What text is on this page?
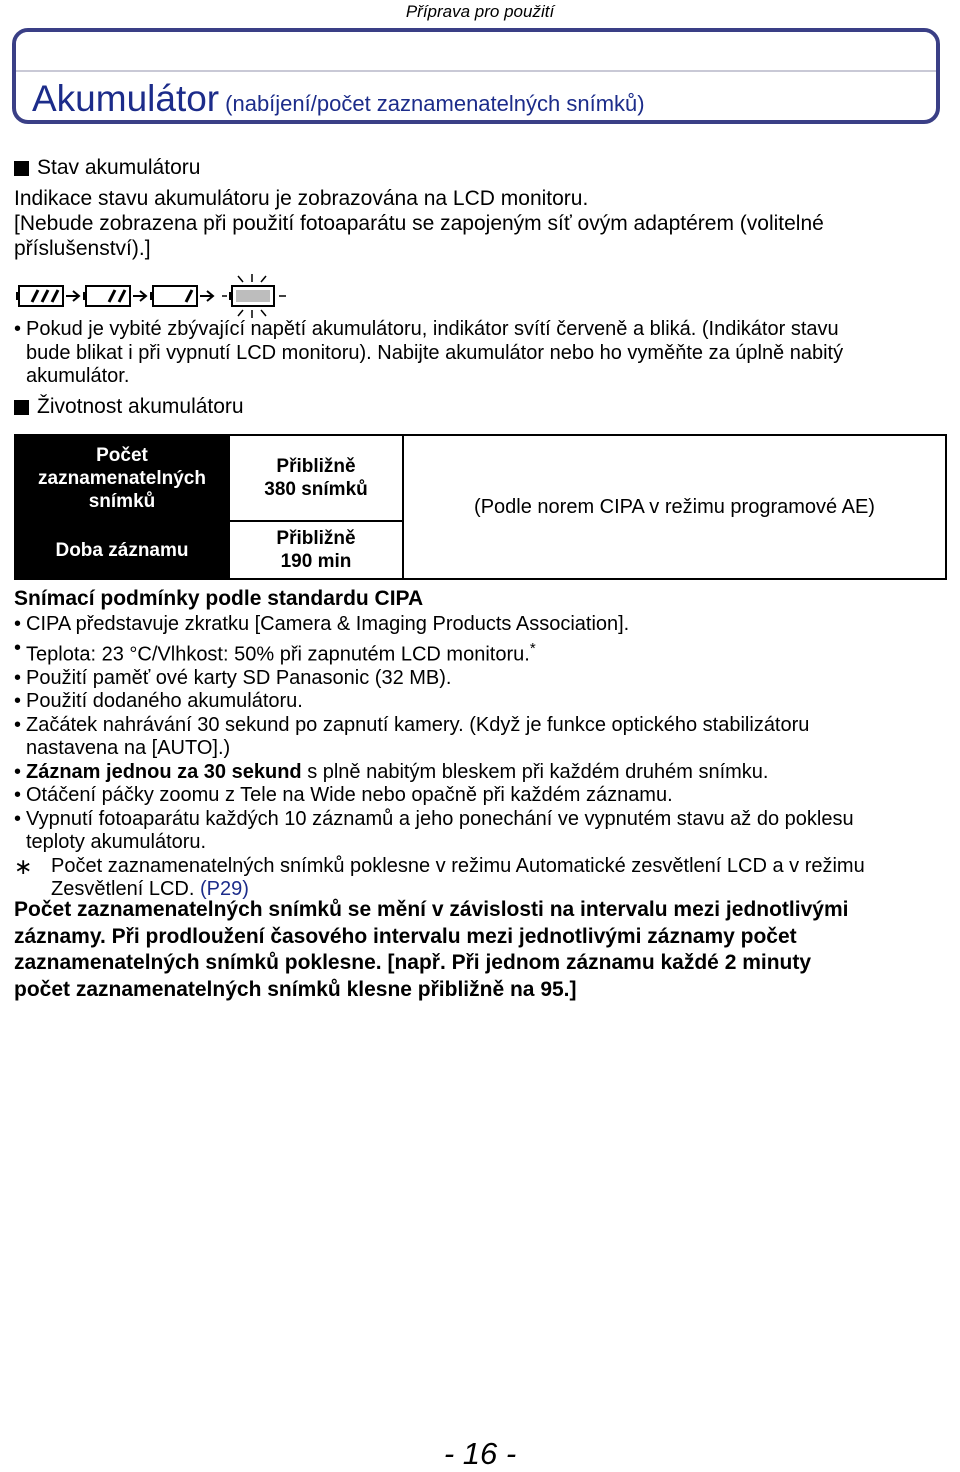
Příprava pro použití
Akumulátor (nabíjení/počet zaznamenatelných snímků)
Stav akumulátoru

Indikace stavu akumulátoru je zobrazována na LCD monitoru.

[Nebude zobrazena při použití fotoaparátu se zapojeným síť ovým adaptérem (volitelné

příslušenství).]

• Pokud je vybité zbývající napětí akumulátoru, indikátor svítí červeně a bliká. (Indikátor stavu
bude blikat i při vypnutí LCD monitoru). Nabijte akumulátor nebo ho vyměňte za úplně nabitý
akumulátor.
Životnost akumulátoru
Počet
zaznamenatelných
snímků	Přibližně
380 snímků	(Podle norem CIPA v režimu programové AE)
Doba záznamu	Přibližně
190 min	

Snímací podmínky podle standardu CIPA

• CIPA představuje zkratku [Camera & Imaging Products Association].
• Teplota: 23 °C/Vlhkost: 50% při zapnutém LCD monitoru.*
• Použití paměť ové karty SD Panasonic (32 MB).
• Použití dodaného akumulátoru.
• Začátek nahrávání 30 sekund po zapnutí kamery. (Když je funkce optického stabilizátoru
nastavena na [AUTO].)
• Záznam jednou za 30 sekund s plně nabitým bleskem při každém druhém snímku.
• Otáčení páčky zoomu z Tele na Wide nebo opačně při každém záznamu.
• Vypnutí fotoaparátu každých 10 záznamů a jeho ponechání ve vypnutém stavu až do poklesu
teploty akumulátoru.
∗ Počet zaznamenatelných snímků poklesne v režimu Automatické zesvětlení LCD a v režimu
Zesvětlení LCD. (P29)

Počet zaznamenatelných snímků se mění v závislosti na intervalu mezi jednotlivými
záznamy. Při prodloužení časového intervalu mezi jednotlivými záznamy počet
zaznamenatelných snímků poklesne. [např. Při jednom záznamu každé 2 minuty
počet zaznamenatelných snímků klesne přibližně na 95.]

- 16 -
